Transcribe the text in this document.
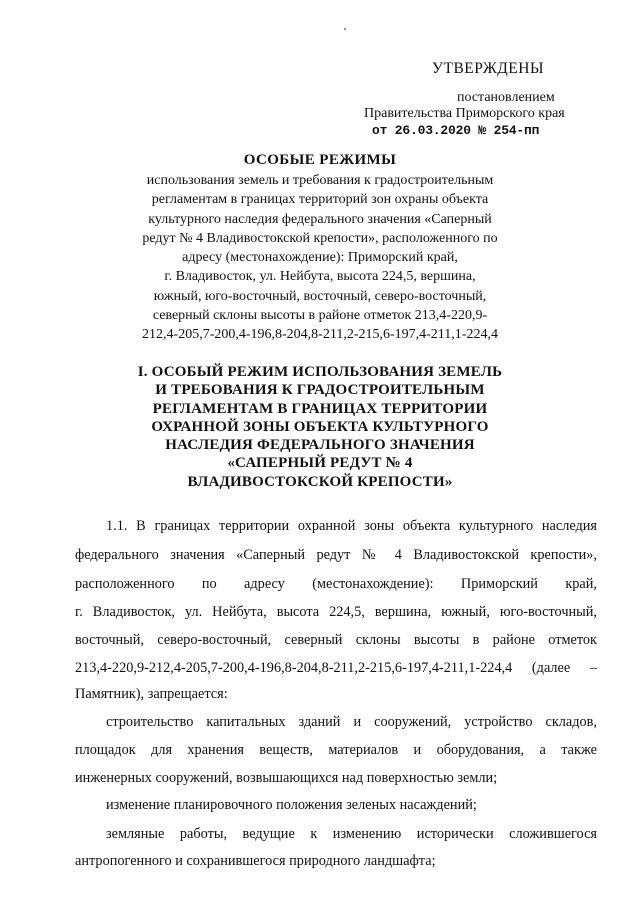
УТВЕРЖДЕНЫ
постановлением
Правительства Приморского края
от 26.03.2020 № 254-пп
ОСОБЫЕ РЕЖИМЫ
использования земель и требования к градостроительным
регламентам в границах территорий зон охраны объекта
культурного наследия федерального значения «Саперный
редут № 4 Владивостокской крепости», расположенного по
адресу (местонахождение): Приморский край,
г. Владивосток, ул. Нейбута, высота 224,5, вершина,
южный, юго-восточный, восточный, северо-восточный,
северный склоны высоты в районе отметок 213,4-220,9-
212,4-205,7-200,4-196,8-204,8-211,2-215,6-197,4-211,1-224,4
I. ОСОБЫЙ РЕЖИМ ИСПОЛЬЗОВАНИЯ ЗЕМЕЛЬ
И ТРЕБОВАНИЯ К ГРАДОСТРОИТЕЛЬНЫМ
РЕГЛАМЕНТАМ В ГРАНИЦАХ ТЕРРИТОРИИ
ОХРАННОЙ ЗОНЫ ОБЪЕКТА КУЛЬТУРНОГО
НАСЛЕДИЯ ФЕДЕРАЛЬНОГО ЗНАЧЕНИЯ
«САПЕРНЫЙ РЕДУТ № 4
ВЛАДИВОСТОКСКОЙ КРЕПОСТИ»
1.1. В границах территории охранной зоны объекта культурного наследия
федерального значения «Саперный редут № 4 Владивостокской крепости»,
расположенного по адресу (местонахождение): Приморский край,
г. Владивосток, ул. Нейбута, высота 224,5, вершина, южный, юго-восточный,
восточный, северо-восточный, северный склоны высоты в районе отметок
213,4-220,9-212,4-205,7-200,4-196,8-204,8-211,2-215,6-197,4-211,1-224,4 (далее –
Памятник), запрещается:
строительство капитальных зданий и сооружений, устройство складов,
площадок для хранения веществ, материалов и оборудования, а также
инженерных сооружений, возвышающихся над поверхностью земли;
изменение планировочного положения зеленых насаждений;
земляные работы, ведущие к изменению исторически сложившегося
антропогенного и сохранившегося природного ландшафта;
